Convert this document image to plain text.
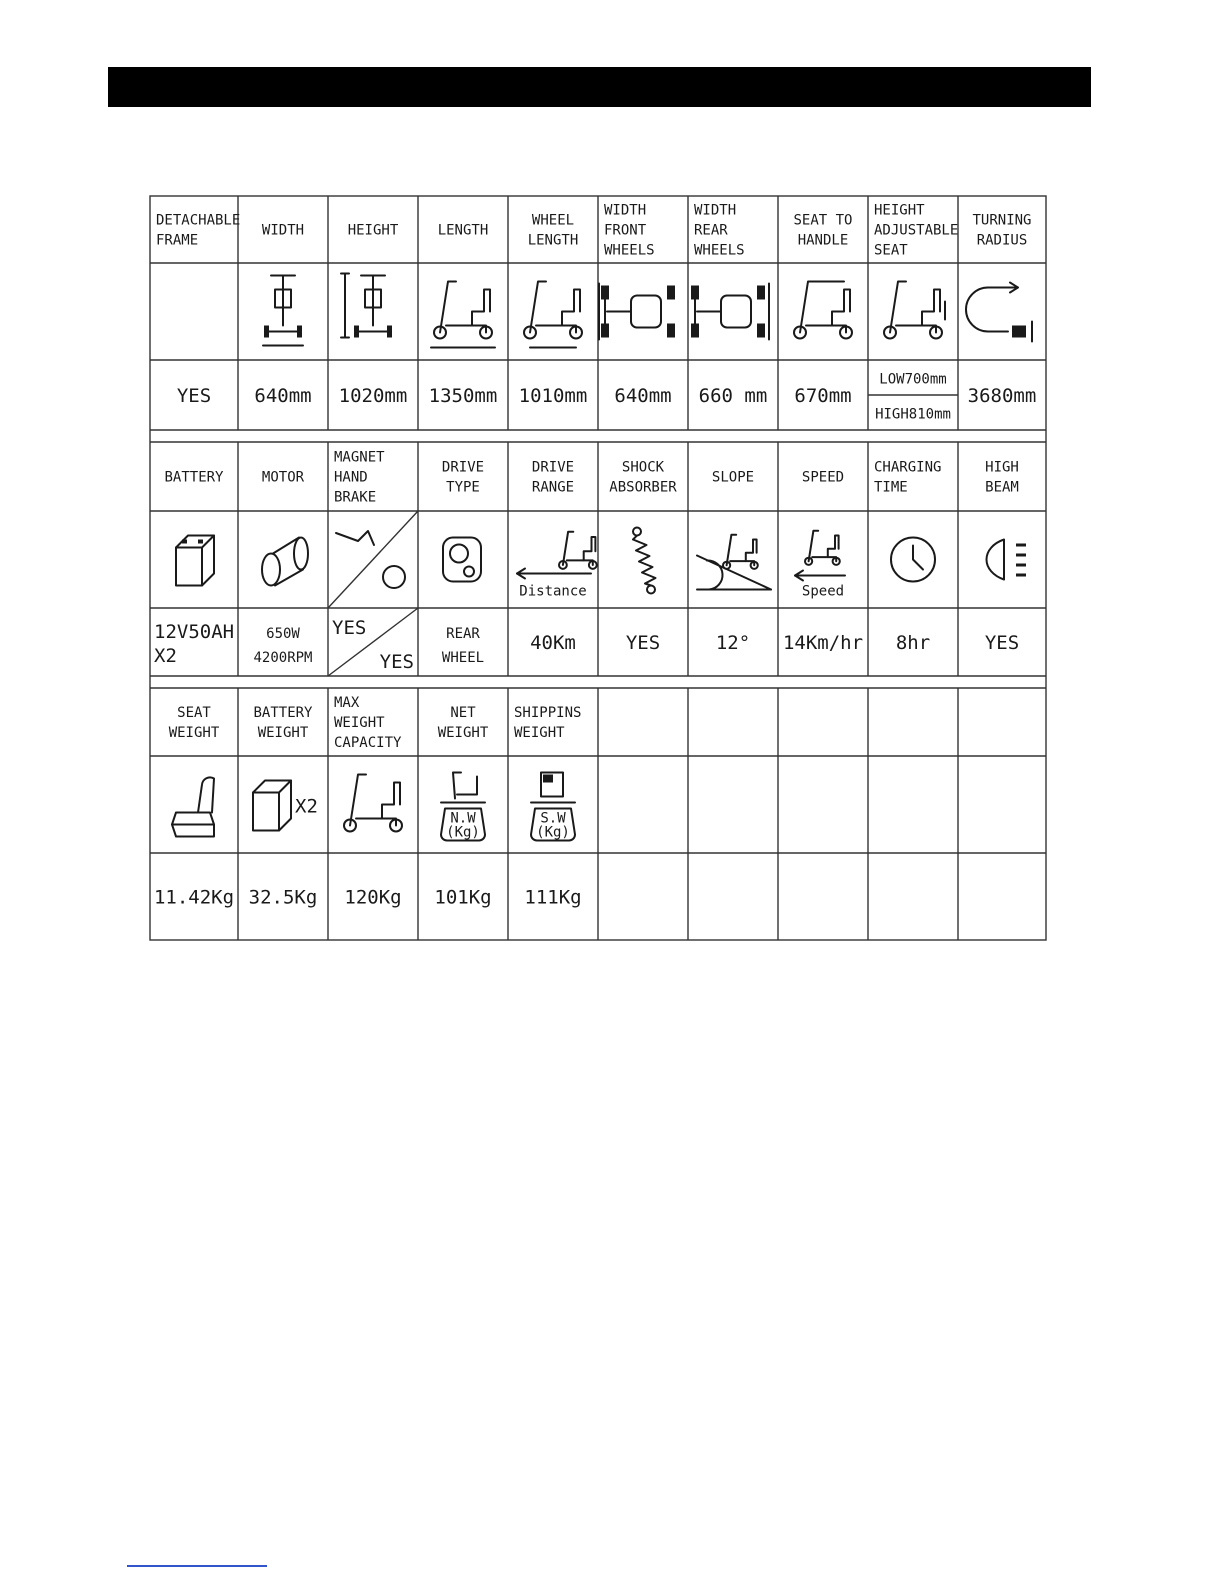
DETACHABLE
FRAME
YES
WIDTH
640mm
HEIGHT
1020mm
LENGTH
1350mm
WHEEL
LENGTH
1010mm
WIDTH
FRONT
WHEELS
640mm
WIDTH
REAR
WHEELS
660 mm
SEAT TO
HANDLE
670mm
HEIGHT
ADJUSTABLE
SEAT
LOW700mm
HIGH810mm
TURNING
RADIUS
3680mm
BATTERY
12V50AH
X2
MOTOR
650W
4200RPM
MAGNET
HAND
BRAKE
YES
YES
DRIVE
TYPE
REAR
WHEEL
DRIVE
RANGE
Distance
40Km
SHOCK
ABSORBER
YES
SLOPE
12°
SPEED
Speed
14Km/hr
CHARGING
TIME
8hr
HIGH
BEAM
YES
SEAT
WEIGHT
11.42Kg
BATTERY
WEIGHT
X2
32.5Kg
MAX
WEIGHT
CAPACITY
120Kg
NET
WEIGHT
N.W
(Kg)
101Kg
SHIPPINS
WEIGHT
S.W
(Kg)
111Kg
